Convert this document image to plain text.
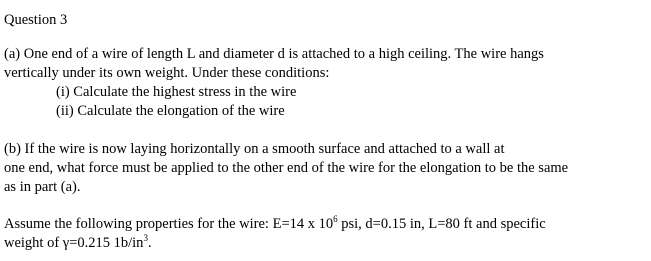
Question 3
(a) One end of a wire of length L and diameter d is attached to a high ceiling. The wire hangs
vertically under its own weight. Under these conditions:
(i) Calculate the highest stress in the wire
(ii) Calculate the elongation of the wire
(b) If the wire is now laying horizontally on a smooth surface and attached to a wall at
one end, what force must be applied to the other end of the wire for the elongation to be the same
as in part (a).
Assume the following properties for the wire: E=14 x $10^6$ psi, d=0.15 in, L=80 ft and specific
weight of γ=0.215 $1b/in^3$.
